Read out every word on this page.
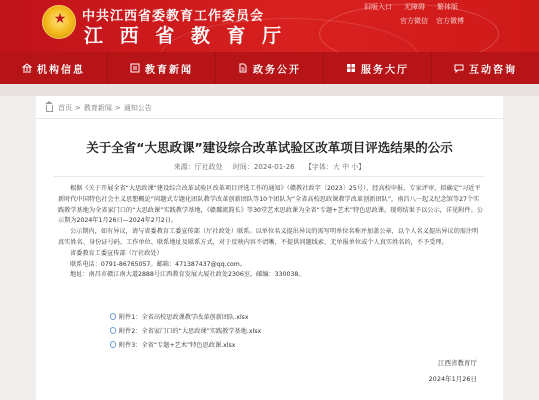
★
中共江西省委教育工作委员会
江 西 省 教 育 厅
旧版入口	无障碍	繁体版
官方微信 官方微博
机构信息	教育新闻	政务公开	服务大厅	互动咨询
首页 > 教育新闻 > 通知公告
关于全省“大思政课”建设综合改革试验区改革项目评选结果的公示
来源：厅社政处 时间：2024-01-26 【字体：大 中 小】

根据《关于开展全省“大思政课”建设综合改革试验区改革项目评选工作的通知》（赣教社政字〔2023〕25号），经高校申报、专家评审，拟确定“习近平新时代中国特色社会主义思想概论”问题式专题化团队教学改革创新团队等10个团队为“全省高校思政课教学改革创新团队”，南昌八一起义纪念馆等27个实践教学基地为全省家门口的“大思政课”实践教学基地，《赣鄱流韵长》等30堂艺术思政课为全省“专题+艺术”特色思政课。现将结果予以公示，详见附件。公示期为2024年1月26日—2024年2月2日。

公示期内，如有异议，请与省委教育工委宣传部（厅社政处）联系。以单位名义提出异议的需写明单位名称并加盖公章，以个人名义提出异议的需注明真实姓名、身份证号码、工作单位、联系地址及联系方式，对于反映内容不清晰、不提供问题线索、无单报单位或个人真实姓名的，不予受理。

省委教育工委宣传部（厅社政处）

联系电话：0791-86765057。邮箱：471387437@qq.com。

地址：南昌市赣江南大道2888号江西教育发展大厦社政处2306室。邮编：330038。

附件1：全省高校思政课教学改革创新团队.xlsx
附件2：全省家门口的“大思政课”实践教学基地.xlsx
附件3：全省“专题+艺术”特色思政课.xlsx
江西省教育厅
2024年1月26日
